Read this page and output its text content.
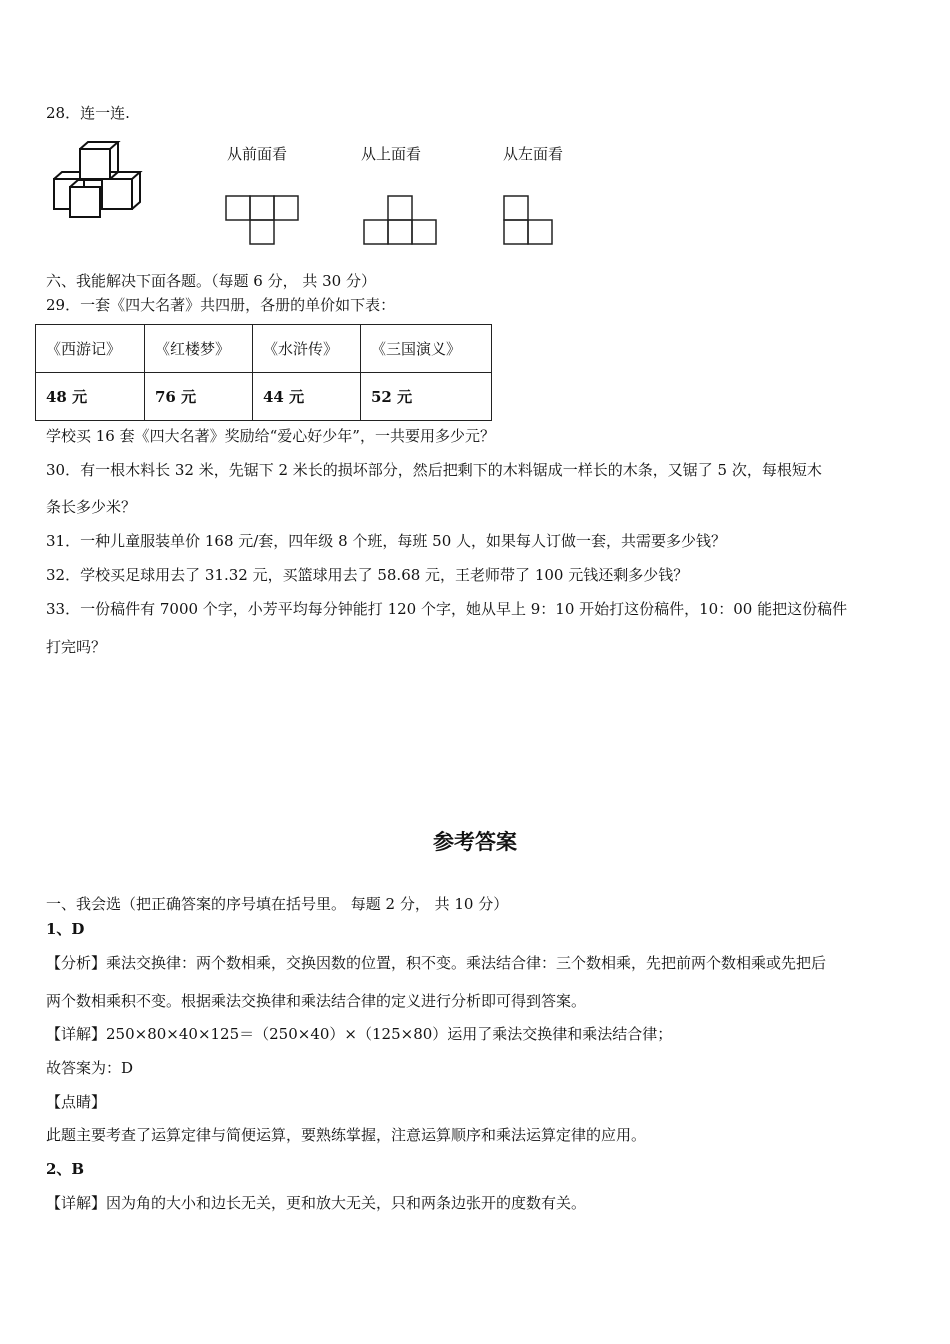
28．连一连.
从前面看	从上面看	从左面看
六、我能解决下面各题。（每题 6 分， 共 30 分）
29．一套《四大名著》共四册，各册的单价如下表：
《西游记》	《红楼梦》	《水浒传》	《三国演义》
48 元	76 元	44 元	52 元
学校买 16 套《四大名著》奖励给“爱心好少年”，一共要用多少元？
30．有一根木料长 32 米，先锯下 2 米长的损坏部分，然后把剩下的木料锯成一样长的木条，又锯了 5 次，每根短木
条长多少米？
31．一种儿童服装单价 168 元/套，四年级 8 个班，每班 50 人，如果每人订做一套，共需要多少钱？
32．学校买足球用去了 31.32 元，买篮球用去了 58.68 元，王老师带了 100 元钱还剩多少钱？
33．一份稿件有 7000 个字，小芳平均每分钟能打 120 个字，她从早上 9：10 开始打这份稿件，10：00 能把这份稿件
打完吗？
参考答案
一、我会选（把正确答案的序号填在括号里。 每题 2 分， 共 10 分）
1、D
【分析】乘法交换律：两个数相乘，交换因数的位置，积不变。乘法结合律：三个数相乘，先把前两个数相乘或先把后
两个数相乘积不变。根据乘法交换律和乘法结合律的定义进行分析即可得到答案。
【详解】250×80×40×125＝（250×40）×（125×80）运用了乘法交换律和乘法结合律；
故答案为：D
【点睛】
此题主要考查了运算定律与简便运算，要熟练掌握，注意运算顺序和乘法运算定律的应用。
2、B
【详解】因为角的大小和边长无关，更和放大无关，只和两条边张开的度数有关。
